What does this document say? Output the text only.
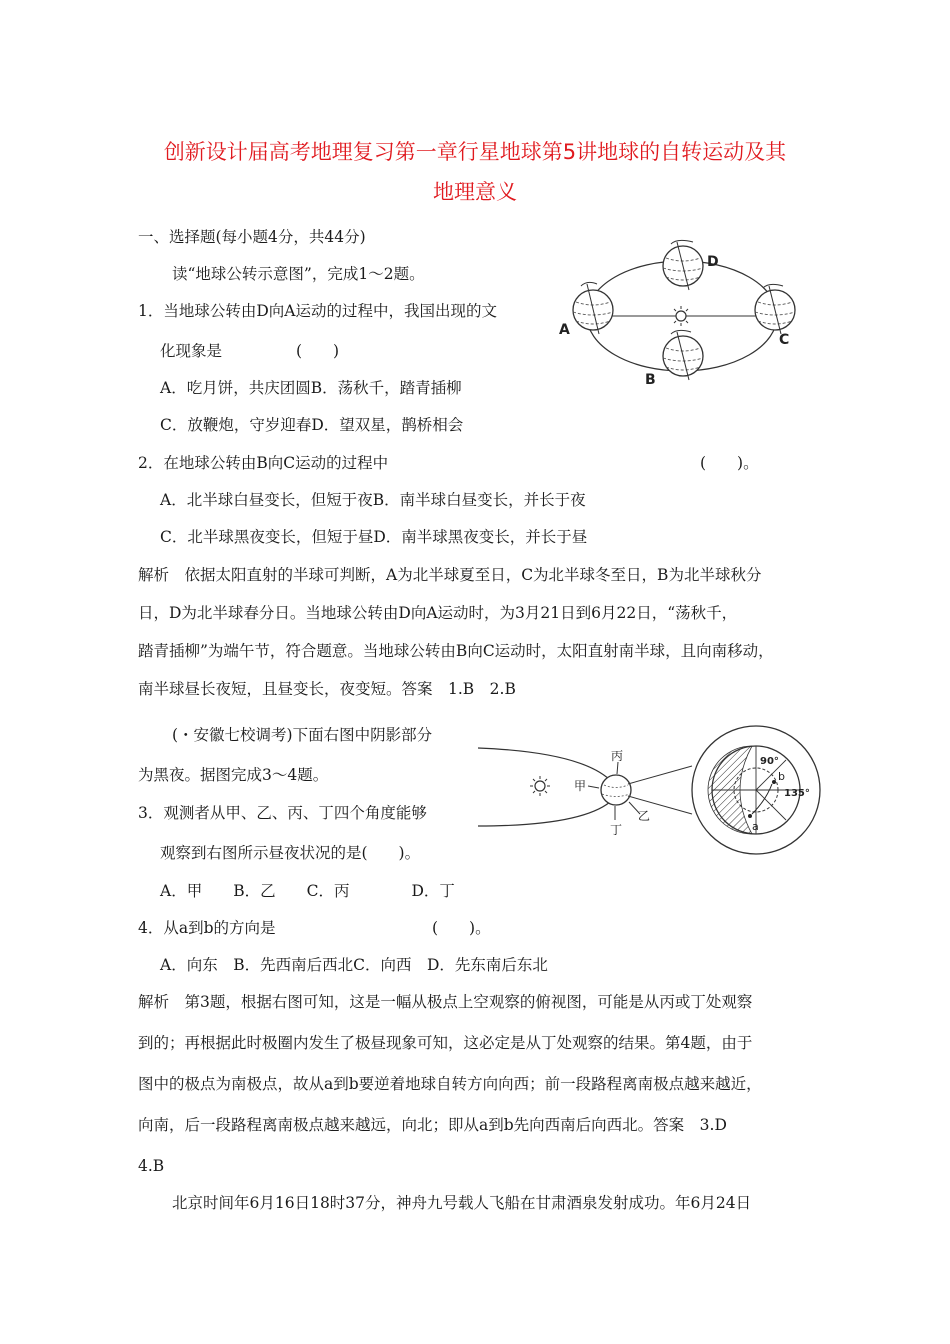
创新设计届高考地理复习第一章行星地球第5讲地球的自转运动及其
地理意义
一、选择题(每小题4分，共44分)
读“地球公转示意图”，完成1～2题。
1．当地球公转由D向A运动的过程中，我国出现的文
化现象是	(　　)
A．吃月饼，共庆团圆B．荡秋千，踏青插柳
C．放鞭炮，守岁迎春D．望双星，鹊桥相会
2．在地球公转由B向C运动的过程中	(　　)。
A．北半球白昼变长，但短于夜B．南半球白昼变长，并长于夜
C．北半球黑夜变长，但短于昼D．南半球黑夜变长，并长于昼
解析　依据太阳直射的半球可判断，A为北半球夏至日，C为北半球冬至日，B为北半球秋分
日，D为北半球春分日。当地球公转由D向A运动时，为3月21日到6月22日，“荡秋千，
踏青插柳”为端午节，符合题意。当地球公转由B向C运动时，太阳直射南半球，且向南移动，
南半球昼长夜短，且昼变长，夜变短。答案　1.B　2.B
(・安徽七校调考)下面右图中阴影部分
为黑夜。据图完成3～4题。
3．观测者从甲、乙、丙、丁四个角度能够
观察到右图所示昼夜状况的是(　　)。
A．甲　　B．乙　　C．丙　　　　D．丁
4．从a到b的方向是	(　　)。
A．向东　B．先西南后西北C．向西　D．先东南后东北
解析　第3题，根据右图可知，这是一幅从极点上空观察的俯视图，可能是从丙或丁处观察
到的；再根据此时极圈内发生了极昼现象可知，这必定是从丁处观察的结果。第4题，由于
图中的极点为南极点，故从a到b要逆着地球自转方向向西；前一段路程离南极点越来越近，
向南，后一段路程离南极点越来越远，向北；即从a到b先向西南后向西北。答案　3.D
4.B
北京时间年6月16日18时37分，神舟九号载人飞船在甘肃酒泉发射成功。年6月24日
A
D
C
B
甲
丙
乙
丁
90°
135°
a
b
